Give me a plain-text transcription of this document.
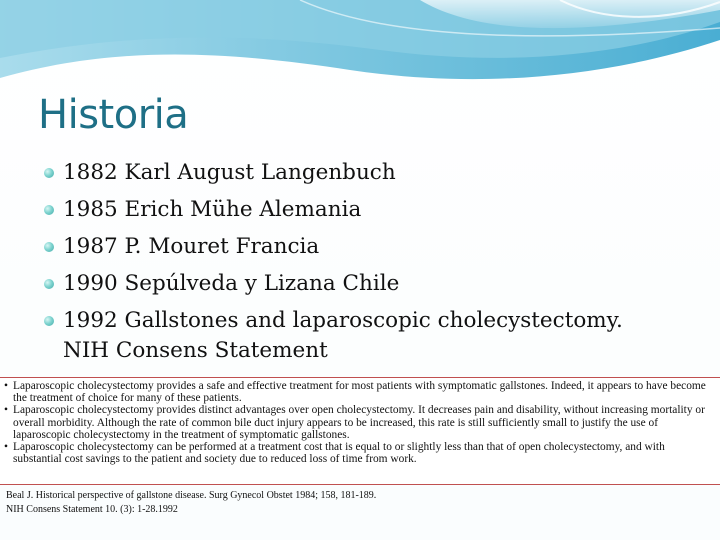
Historia
1882 Karl August Langenbuch
1985 Erich Mühe Alemania
1987 P. Mouret Francia
1990 Sepúlveda y Lizana Chile
1992 Gallstones and laparoscopic cholecystectomy.
NIH Consens Statement
• Laparoscopic cholecystectomy provides a safe and effective treatment for most patients with symptomatic gallstones. Indeed, it appears to have become the treatment of choice for many of these patients.
• Laparoscopic cholecystectomy provides distinct advantages over open cholecystectomy. It decreases pain and disability, without increasing mortality or overall morbidity. Although the rate of common bile duct injury appears to be increased, this rate is still sufficiently small to justify the use of laparoscopic cholecystectomy in the treatment of symptomatic gallstones.
• Laparoscopic cholecystectomy can be performed at a treatment cost that is equal to or slightly less than that of open cholecystectomy, and with substantial cost savings to the patient and society due to reduced loss of time from work.
Beal J. Historical perspective of gallstone disease. Surg Gynecol Obstet 1984; 158, 181-189.
NIH Consens Statement 10. (3): 1-28.1992
